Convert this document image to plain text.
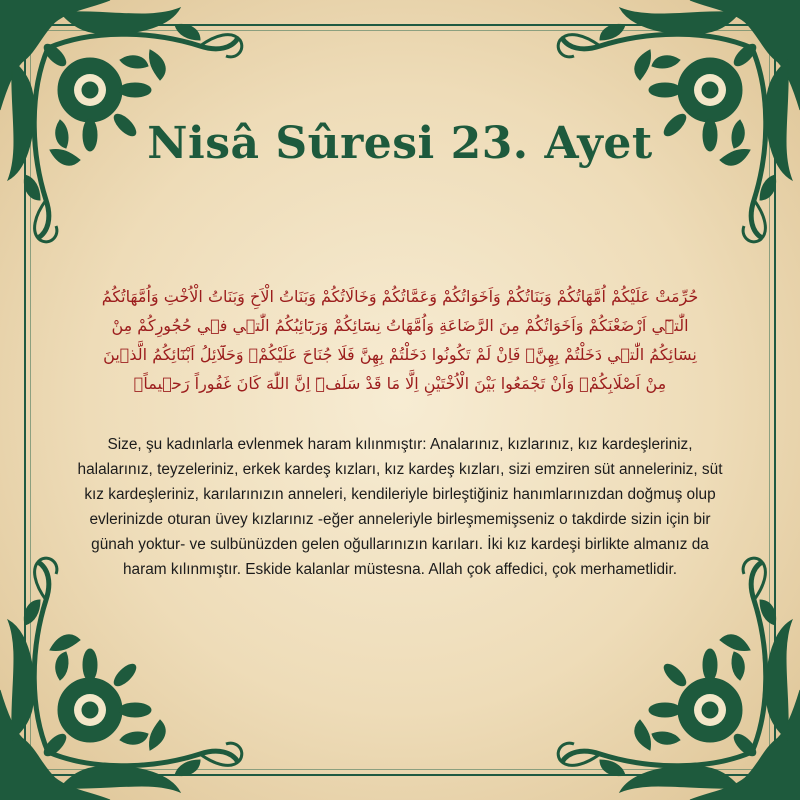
Nisâ Sûresi 23. Ayet

حُرِّمَتْ عَلَيْكُمْ اُمَّهَاتُكُمْ وَبَنَاتُكُمْ وَاَخَوَاتُكُمْ وَعَمَّاتُكُمْ وَخَالَاتُكُمْ وَبَنَاتُ الْاَخِ وَبَنَاتُ الْاُخْتِ وَاُمَّهَاتُكُمُ الّٰت۪ٓي اَرْضَعْنَكُمْ وَاَخَوَاتُكُمْ مِنَ الرَّضَاعَةِ وَاُمَّهَاتُ نِسَٓائِكُمْ وَرَبَٓائِبُكُمُ الّٰت۪ي ف۪ي حُجُورِكُمْ مِنْ نِسَٓائِكُمُ الّٰت۪ي دَخَلْتُمْ بِهِنَّۘ فَاِنْ لَمْ تَكُونُوا دَخَلْتُمْ بِهِنَّ فَلَا جُنَاحَ عَلَيْكُمْۘ وَحَلَٓائِلُ اَبْنَٓائِكُمُ الَّذ۪ينَ مِنْ اَصْلَابِكُمْۙ وَاَنْ تَجْمَعُوا بَيْنَ الْاُخْتَيْنِ اِلَّا مَا قَدْ سَلَفَۜ اِنَّ اللّٰهَ كَانَ غَفُوراً رَح۪يماًۙ

Size, şu kadınlarla evlenmek haram kılınmıştır: Analarınız, kızlarınız, kız kardeşleriniz, halalarınız, teyzeleriniz, erkek kardeş kızları, kız kardeş kızları, sizi emziren süt anneleriniz, süt kız kardeşleriniz, karılarınızın anneleri, kendileriyle birleştiğiniz hanımlarınızdan doğmuş olup evlerinizde oturan üvey kızlarınız -eğer anneleriyle birleşmemişseniz o takdirde sizin için bir günah yoktur- ve sulbünüzden gelen oğullarınızın karıları. İki kız kardeşi birlikte almanız da haram kılınmıştır. Eskide kalanlar müstesna. Allah çok affedici, çok merhametlidir.
